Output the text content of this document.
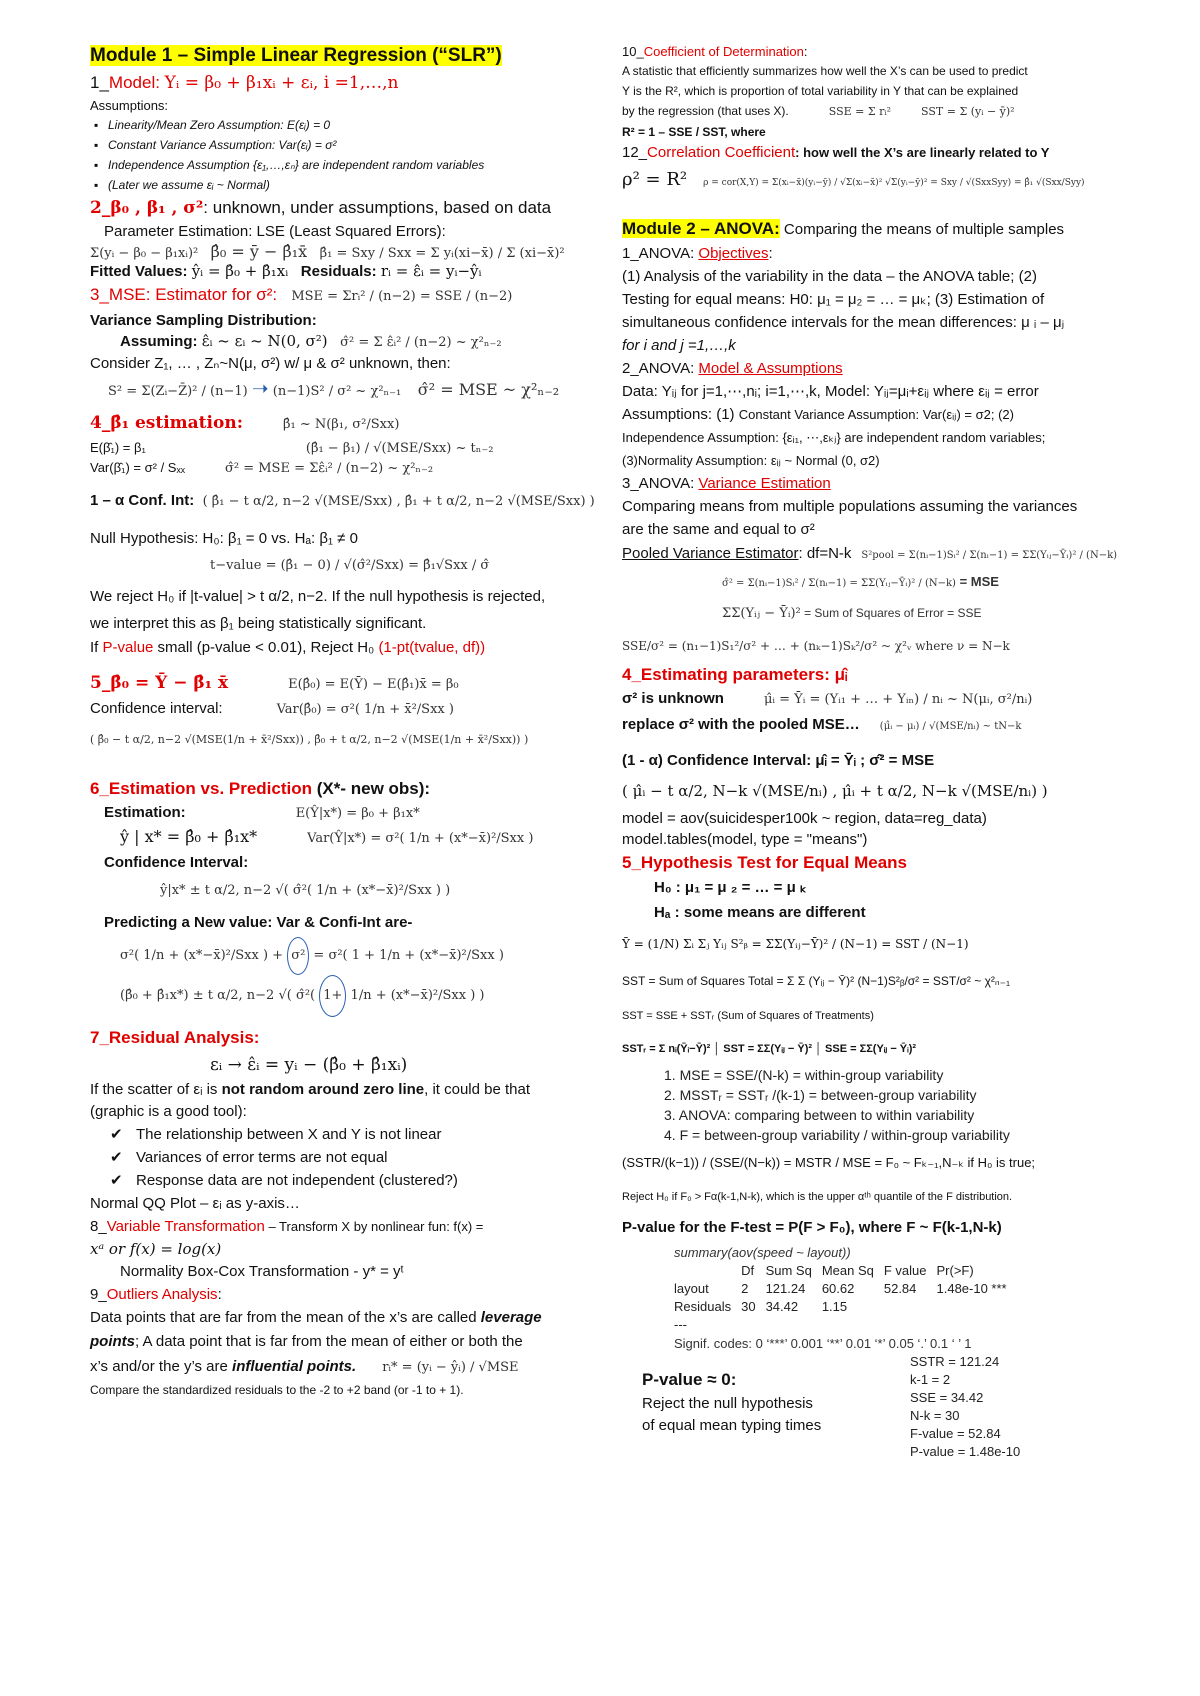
Module 1 – Simple Linear Regression (“SLR”)

1_Model: Yᵢ = β₀ + β₁xᵢ + εᵢ, i =1,…,n

Assumptions:

▪ Linearity/Mean Zero Assumption: E(εᵢ) = 0
▪ Constant Variance Assumption: Var(εᵢ) = σ²
▪ Independence Assumption {ε₁,…,εₙ} are independent random variables
▪ (Later we assume εᵢ ~ Normal)

2_β₀ , β₁ , σ²: unknown, under assumptions, based on data

Parameter Estimation: LSE (Least Squared Errors):

Σ(yᵢ − β₀ − β₁xᵢ)² β̂₀ = ȳ − β̂₁x̄ β̂₁ = Sxy / Sxx = Σ yᵢ(xi−x̄) / Σ (xi−x̄)²

Fitted Values: ŷᵢ = β̂₀ + β̂₁xᵢ Residuals: rᵢ = ε̂ᵢ = yᵢ−ŷᵢ

3_MSE: Estimator for σ²: MSE = Σrᵢ² / (n−2) = SSE / (n−2)

Variance Sampling Distribution:

Assuming: ε̂ᵢ ~ εᵢ ~ N(0, σ²) σ̂² = Σ ε̂ᵢ² / (n−2) ~ χ²ₙ₋₂

Consider Z₁, … , Zₙ~N(μ, σ²) w/ μ & σ² unknown, then:

S² = Σ(Zᵢ−Z̄)² / (n−1) ➝ (n−1)S² / σ² ~ χ²ₙ₋₁ σ̂² = MSE ~ χ²ₙ₋₂

4_β̂₁ estimation:	β̂₁ ~ N(β₁, σ²/Sxx)

E(β̂₁) = β₁	(β̂₁ − β₁) / √(MSE/Sxx) ~ tₙ₋₂

Var(β̂₁) = σ² / Sₓₓ	σ̂² = MSE = Σε̂ᵢ² / (n−2) ~ χ²ₙ₋₂

1 – α Conf. Int: ( β̂₁ − t α/2, n−2 √(MSE/Sxx) , β̂₁ + t α/2, n−2 √(MSE/Sxx) )

Null Hypothesis: H₀: β₁ = 0 vs. Hₐ: β₁ ≠ 0

t−value = (β̂₁ − 0) / √(σ̂²/Sxx) = β̂₁√Sxx / σ̂

We reject H₀ if |t-value| > t α/2, n−2. If the null hypothesis is rejected,

we interpret this as β₁ being statistically significant.

If P-value small (p-value < 0.01), Reject H₀ (1-pt(tvalue, df))

5_β̂₀ = Ȳ − β̂₁ x̄	E(β̂₀) = E(Ȳ) − E(β̂₁)x̄ = β₀

Confidence interval:	Var(β̂₀) = σ²( 1/n + x̄²/Sxx )

( β̂₀ − t α/2, n−2 √(MSE(1/n + x̄²/Sxx)) , β̂₀ + t α/2, n−2 √(MSE(1/n + x̄²/Sxx)) )

6_Estimation vs. Prediction (X*- new obs):

Estimation:	E(Ŷ|x*) = β₀ + β₁x*

ŷ | x* = β̂₀ + β̂₁x*	Var(Ŷ|x*) = σ²( 1/n + (x*−x̄)²/Sxx )

Confidence Interval:

ŷ|x* ± t α/2, n−2 √( σ̂²( 1/n + (x*−x̄)²/Sxx ) )

Predicting a New value: Var & Confi-Int are-

σ²( 1/n + (x*−x̄)²/Sxx ) + σ² = σ²( 1 + 1/n + (x*−x̄)²/Sxx )

(β̂₀ + β̂₁x*) ± t α/2, n−2 √( σ̂²( 1+ 1/n + (x*−x̄)²/Sxx ) )

7_Residual Analysis:

εᵢ → ε̂ᵢ = yᵢ − (β̂₀ + β̂₁xᵢ)

If the scatter of εᵢ is not random around zero line, it could be that

(graphic is a good tool):

✔ The relationship between X and Y is not linear
✔ Variances of error terms are not equal
✔ Response data are not independent (clustered?)

Normal QQ Plot – εᵢ as y-axis…

8_Variable Transformation – Transform X by nonlinear fun: f(x) =

xᵃ or f(x) = log(x)

Normality Box-Cox Transformation - y* = yᵗ

9_Outliers Analysis:

Data points that are far from the mean of the x’s are called leverage

points; A data point that is far from the mean of either or both the

x’s and/or the y’s are influential points. rᵢ* = (yᵢ − ŷᵢ) / √MSE

Compare the standardized residuals to the -2 to +2 band (or -1 to + 1).

10_Coefficient of Determination:

A statistic that efficiently summarizes how well the X’s can be used to predict

Y is the R², which is proportion of total variability in Y that can be explained

by the regression (that uses X).	SSE = Σ rᵢ²	SST = Σ (yᵢ − ȳ)²

R² = 1 – SSE / SST, where

12_Correlation Coefficient: how well the X’s are linearly related to Y

ρ² = R² ρ = cor(X,Y) = Σ(xᵢ−x̄)(yᵢ−ȳ) / √Σ(xᵢ−x̄)² √Σ(yᵢ−ȳ)² = Sxy / √(SxxSyy) = β̂₁ √(Sxx/Syy)

Module 2 – ANOVA: Comparing the means of multiple samples

1_ANOVA: Objectives:

(1) Analysis of the variability in the data – the ANOVA table; (2)

Testing for equal means: H0: μ₁ = μ₂ = … = μₖ; (3) Estimation of

simultaneous confidence intervals for the mean differences: μ ᵢ – μⱼ

for i and j =1,…,k

2_ANOVA: Model & Assumptions

Data: Yᵢⱼ for j=1,⋯,nᵢ; i=1,⋯,k, Model: Yᵢⱼ=μᵢ+εᵢⱼ where εᵢⱼ = error

Assumptions: (1) Constant Variance Assumption: Var(εᵢⱼ) = σ2; (2)

Independence Assumption: {εᵢ₁, ⋯,εₖⱼ} are independent random variables;

(3)Normality Assumption: εᵢⱼ ~ Normal (0, σ2)

3_ANOVA: Variance Estimation

Comparing means from multiple populations assuming the variances

are the same and equal to σ²

Pooled Variance Estimator: df=N-k S²pool = Σ(nᵢ−1)Sᵢ² / Σ(nᵢ−1) = ΣΣ(Yᵢⱼ−Ȳᵢ)² / (N−k)

σ̂² = Σ(nᵢ−1)Sᵢ² / Σ(nᵢ−1) = ΣΣ(Yᵢⱼ−Ȳᵢ)² / (N−k) = MSE

ΣΣ(Yᵢⱼ − Ȳᵢ)² = Sum of Squares of Error = SSE

SSE/σ² = (n₁−1)S₁²/σ² + … + (nₖ−1)Sₖ²/σ² ~ χ²ᵥ where ν = N−k

4_Estimating parameters: μ̂ᵢ

σ² is unknown	μ̂ᵢ = Ȳᵢ = (Yᵢ₁ + … + Yᵢₙ) / nᵢ ~ N(μᵢ, σ²/nᵢ)

replace σ² with the pooled MSE… (μ̂ᵢ − μᵢ) / √(MSE/nᵢ) ~ tN−k

(1 - α) Confidence Interval: μ̂ᵢ = Ȳᵢ ; σ̂² = MSE

( μ̂ᵢ − t α/2, N−k √(MSE/nᵢ) , μ̂ᵢ + t α/2, N−k √(MSE/nᵢ) )

model = aov(suicidesper100k ~ region, data=reg_data)

model.tables(model, type = "means")

5_Hypothesis Test for Equal Means

H₀ : μ₁ = μ ₂ = … = μ ₖ

Hₐ : some means are different

Ȳ = (1/N) Σᵢ Σⱼ Yᵢⱼ S²ᵦ = ΣΣ(Yᵢⱼ−Ȳ)² / (N−1) = SST / (N−1)

SST = Sum of Squares Total = Σ Σ (Yᵢⱼ − Ȳ)² (N−1)S²ᵦ/σ² = SST/σ² ~ χ²ₙ₋₁

SST = SSE + SSTᵣ (Sum of Squares of Treatments)

SSTᵣ = Σ nᵢ(Ȳᵢ−Ȳ)² │ SST = ΣΣ(Yᵢⱼ − Ȳ)² │ SSE = ΣΣ(Yᵢⱼ − Ȳᵢ)²

1. MSE = SSE/(N-k) = within-group variability

2. MSSTᵣ = SSTᵣ /(k-1) = between-group variability

3. ANOVA: comparing between to within variability

4. F = between-group variability / within-group variability

(SSTR/(k−1)) / (SSE/(N−k)) = MSTR / MSE = F₀ ~ Fₖ₋₁,N₋ₖ if H₀ is true;

Reject H₀ if F₀ > Fα(k-1,N-k), which is the upper αᵗʰ quantile of the F distribution.

P-value for the F-test = P(F > F₀), where F ~ F(k-1,N-k)

summary(aov(speed ~ layout))

	Df	Sum Sq	Mean Sq	F value	Pr(>F)
layout	2	121.24	60.62	52.84	1.48e-10 ***
Residuals	30	34.42	1.15		
---					

Signif. codes: 0 ‘***’ 0.001 ‘**’ 0.01 ‘*’ 0.05 ‘.’ 0.1 ‘ ’ 1

P-value ≈ 0:

Reject the null hypothesis

of equal mean typing times

SSTR = 121.24

k-1 = 2

SSE = 34.42

N-k = 30

F-value = 52.84

P-value = 1.48e-10
